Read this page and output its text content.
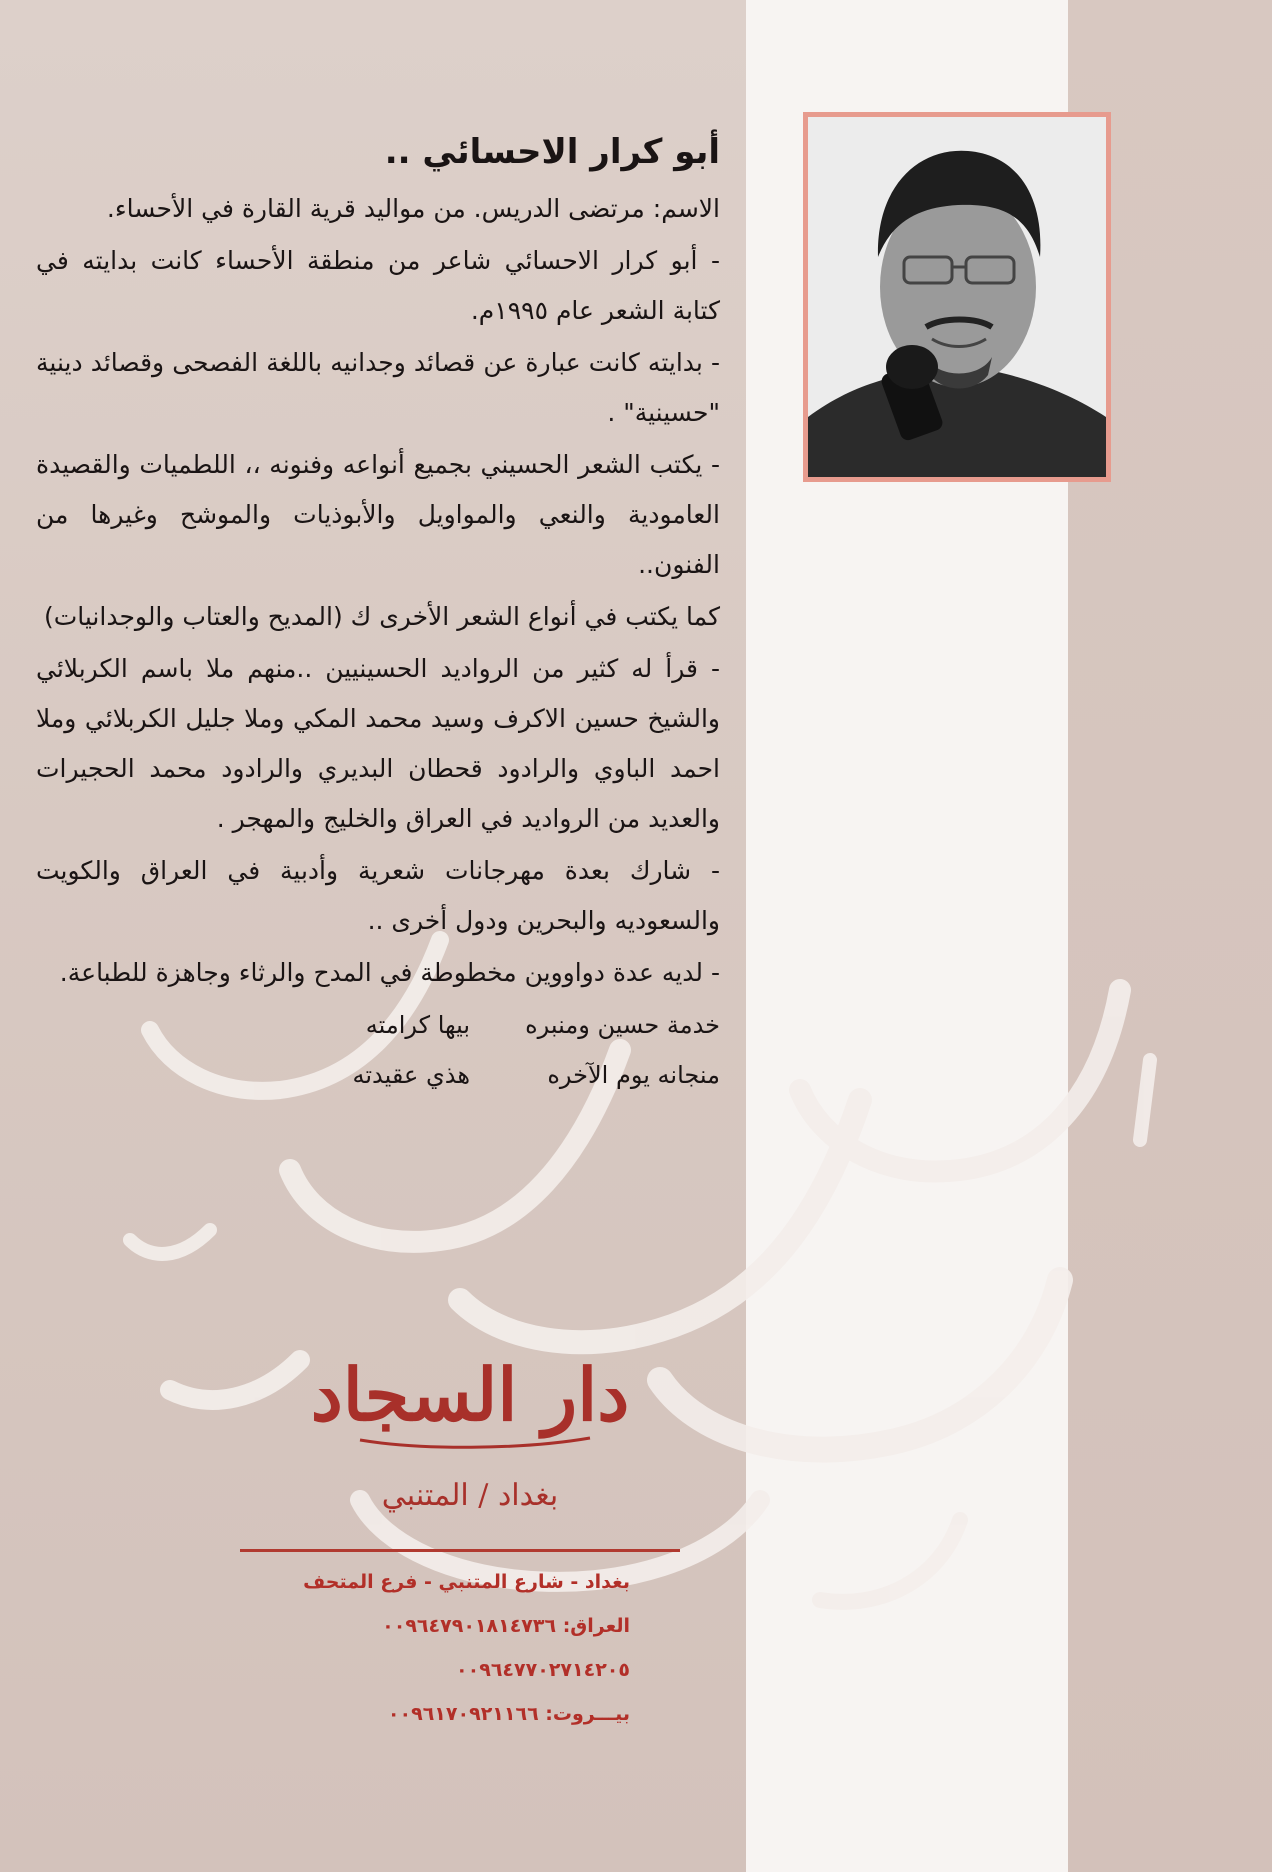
أبو كرار الاحسائي ..

الاسم: مرتضى الدريس. من مواليد قرية القارة في الأحساء.

- أبو كرار الاحسائي شاعر من منطقة الأحساء كانت بدايته في كتابة الشعر عام ١٩٩٥م.

- بدايته كانت عبارة عن قصائد وجدانيه باللغة الفصحى وقصائد دينية "حسينية" .

- يكتب الشعر الحسيني بجميع أنواعه وفنونه ،، اللطميات والقصيدة العامودية والنعي والمواويل والأبوذيات والموشح وغيرها من الفنون..

كما يكتب في أنواع الشعر الأخرى ك (المديح والعتاب والوجدانيات)

- قرأ له كثير من الرواديد الحسينيين ..منهم ملا باسم الكربلائي والشيخ حسين الاكرف وسيد محمد المكي وملا جليل الكربلائي وملا احمد الباوي والرادود قحطان البديري والرادود محمد الحجيرات والعديد من الرواديد في العراق والخليج والمهجر .

- شارك بعدة مهرجانات شعرية وأدبية في العراق والكويت والسعوديه والبحرين ودول أخرى ..

- لديه عدة دواووين مخطوطة في المدح والرثاء وجاهزة للطباعة.

خدمة حسين ومنبره
بيها كرامته
منجانه يوم الآخره
هذي عقيدته
دار السجاد
بغداد / المتنبي
بغداد - شارع المتنبي - فرع المتحف
العراق: ٠٠٩٦٤٧٩٠١٨١٤٧٣٦
٠٠٩٦٤٧٧٠٢٧١٤٢٠٥
بيـــروت: ٠٠٩٦١٧٠٩٢١١٦٦
